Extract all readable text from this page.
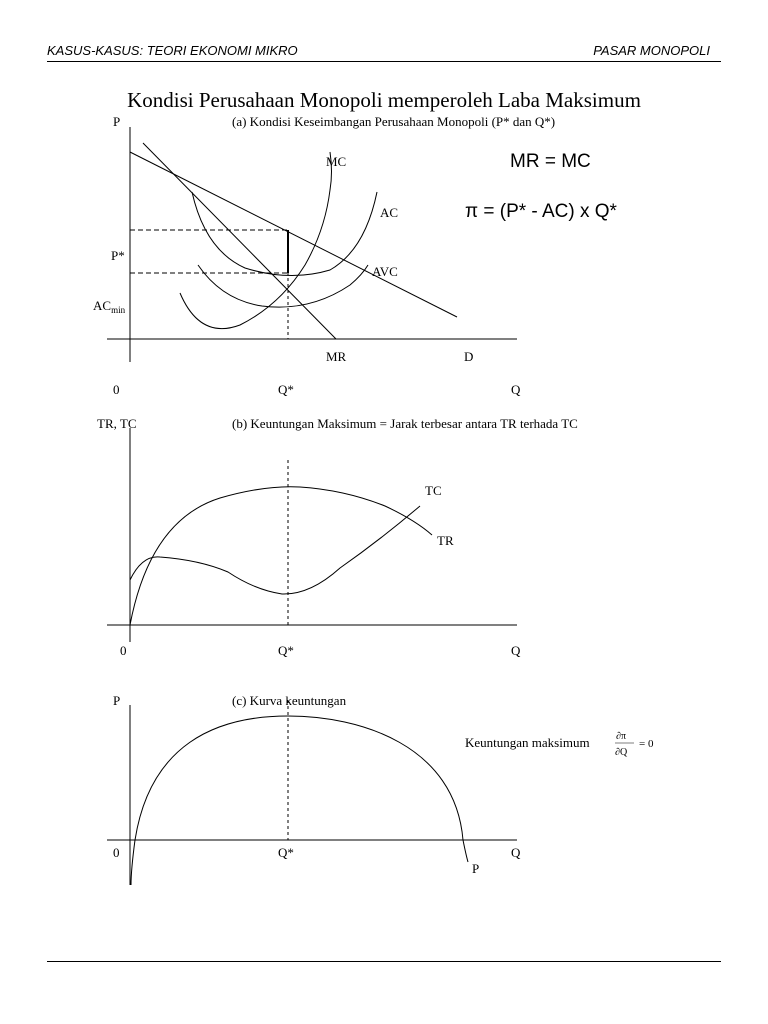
KASUS-KASUS: TEORI EKONOMI MIKRO	PASAR MONOPOLI
Kondisi Perusahaan Monopoli memperoleh Laba Maksimum
P	(a) Kondisi Keseimbangan Perusahaan Monopoli (P* dan Q*)
MC
AC
AVC
MR	D
P*
$AC_{min}$
0	Q*	Q
MR = MC
π = (P* - AC) x Q*
TR, TC	(b) Keuntungan Maksimum = Jarak terbesar antara TR terhada TC
TC
TR
0	Q*	Q
P	(c) Kurva keuntungan
0	Q*	Q
P
Keuntungan maksimum	∂π
∂Q
= 0
